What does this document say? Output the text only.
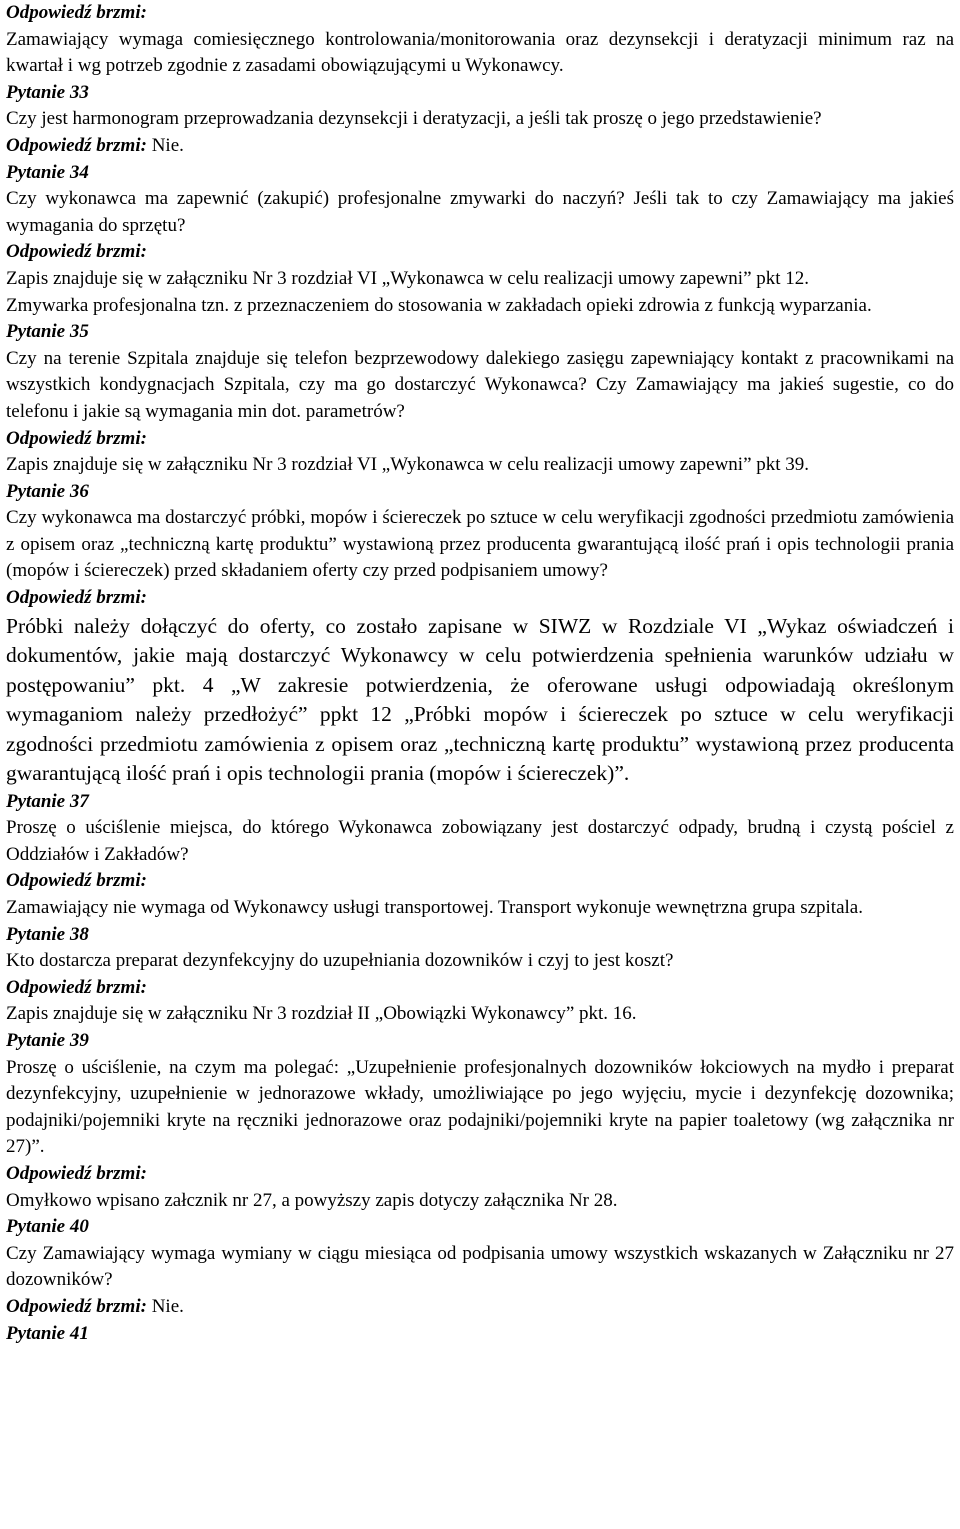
Odpowiedź brzmi:

Zamawiający wymaga comiesięcznego kontrolowania/monitorowania oraz dezynsekcji i deratyzacji minimum raz na kwartał i wg potrzeb zgodnie z zasadami obowiązującymi u Wykonawcy.

Pytanie 33

Czy jest harmonogram przeprowadzania dezynsekcji i deratyzacji, a jeśli tak proszę o jego przedstawienie?

Odpowiedź brzmi: Nie.

Pytanie 34

Czy wykonawca ma zapewnić (zakupić) profesjonalne zmywarki do naczyń? Jeśli tak to czy Zamawiający ma jakieś wymagania do sprzętu?

Odpowiedź brzmi:

Zapis znajduje się w załączniku Nr 3 rozdział VI „Wykonawca w celu realizacji umowy zapewni” pkt 12.

Zmywarka profesjonalna tzn. z przeznaczeniem do stosowania w zakładach opieki zdrowia z funkcją wyparzania.

Pytanie 35

Czy na terenie Szpitala znajduje się telefon bezprzewodowy dalekiego zasięgu zapewniający kontakt z pracownikami na wszystkich kondygnacjach Szpitala, czy ma go dostarczyć Wykonawca? Czy Zamawiający ma jakieś sugestie, co do telefonu i jakie są wymagania min dot. parametrów?

Odpowiedź brzmi:

Zapis znajduje się w załączniku Nr 3 rozdział VI „Wykonawca w celu realizacji umowy zapewni” pkt 39.

Pytanie 36

Czy wykonawca ma dostarczyć próbki, mopów i ściereczek po sztuce w celu weryfikacji zgodności przedmiotu zamówienia z opisem oraz „techniczną kartę produktu” wystawioną przez producenta gwarantującą ilość prań i opis technologii prania (mopów i ściereczek) przed składaniem oferty czy przed podpisaniem umowy?

Odpowiedź brzmi:

Próbki należy dołączyć do oferty, co zostało zapisane w SIWZ w Rozdziale VI „Wykaz oświadczeń i dokumentów, jakie mają dostarczyć Wykonawcy w celu potwierdzenia spełnienia warunków udziału w postępowaniu” pkt. 4 „W zakresie potwierdzenia, że oferowane usługi odpowiadają określonym wymaganiom należy przedłożyć” ppkt 12 „Próbki mopów i ściereczek po sztuce w celu weryfikacji zgodności przedmiotu zamówienia z opisem oraz „techniczną kartę produktu” wystawioną przez producenta gwarantującą ilość prań i opis technologii prania (mopów i ściereczek)”.

Pytanie 37

Proszę o uściślenie miejsca, do którego Wykonawca zobowiązany jest dostarczyć odpady, brudną i czystą pościel z Oddziałów i Zakładów?

Odpowiedź brzmi:

Zamawiający nie wymaga od Wykonawcy usługi transportowej. Transport wykonuje wewnętrzna grupa szpitala.

Pytanie 38

Kto dostarcza preparat dezynfekcyjny do uzupełniania dozowników i czyj to jest koszt?

Odpowiedź brzmi:

Zapis znajduje się w załączniku Nr 3 rozdział II „Obowiązki Wykonawcy” pkt. 16.

Pytanie 39

Proszę o uściślenie, na czym ma polegać: „Uzupełnienie profesjonalnych dozowników łokciowych na mydło i preparat dezynfekcyjny, uzupełnienie w jednorazowe wkłady, umożliwiające po jego wyjęciu, mycie i dezynfekcję dozownika; podajniki/pojemniki kryte na ręczniki jednorazowe oraz podajniki/pojemniki kryte na papier toaletowy (wg załącznika nr 27)”.

Odpowiedź brzmi:

Omyłkowo wpisano załcznik nr 27, a powyższy zapis dotyczy załącznika Nr 28.

Pytanie 40

Czy Zamawiający wymaga wymiany w ciągu miesiąca od podpisania umowy wszystkich wskazanych w Załączniku nr 27 dozowników?

Odpowiedź brzmi: Nie.

Pytanie 41
